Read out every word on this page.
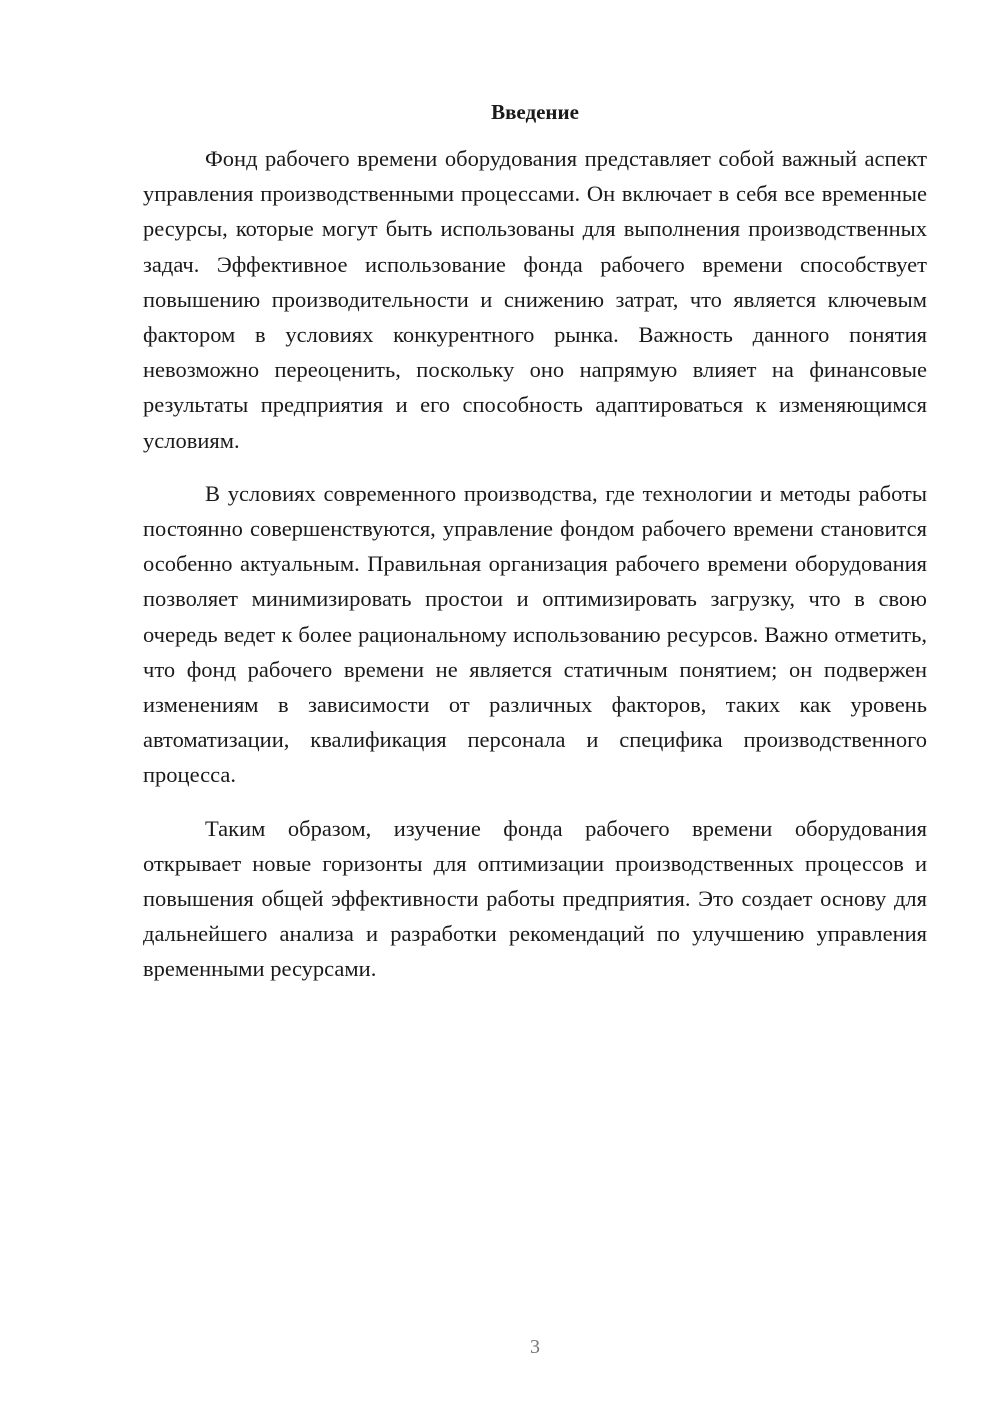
Введение

Фонд рабочего времени оборудования представляет собой важный аспект управления производственными процессами. Он включает в себя все временные ресурсы, которые могут быть использованы для выполнения производственных задач. Эффективное использование фонда рабочего времени способствует повышению производительности и снижению затрат, что является ключевым фактором в условиях конкурентного рынка. Важность данного понятия невозможно переоценить, поскольку оно напрямую влияет на финансовые результаты предприятия и его способность адаптироваться к изменяющимся условиям.

В условиях современного производства, где технологии и методы работы постоянно совершенствуются, управление фондом рабочего времени становится особенно актуальным. Правильная организация рабочего времени оборудования позволяет минимизировать простои и оптимизировать загрузку, что в свою очередь ведет к более рациональному использованию ресурсов. Важно отметить, что фонд рабочего времени не является статичным понятием; он подвержен изменениям в зависимости от различных факторов, таких как уровень автоматизации, квалификация персонала и специфика производственного процесса.

Таким образом, изучение фонда рабочего времени оборудования открывает новые горизонты для оптимизации производственных процессов и повышения общей эффективности работы предприятия. Это создает основу для дальнейшего анализа и разработки рекомендаций по улучшению управления временными ресурсами.

3
